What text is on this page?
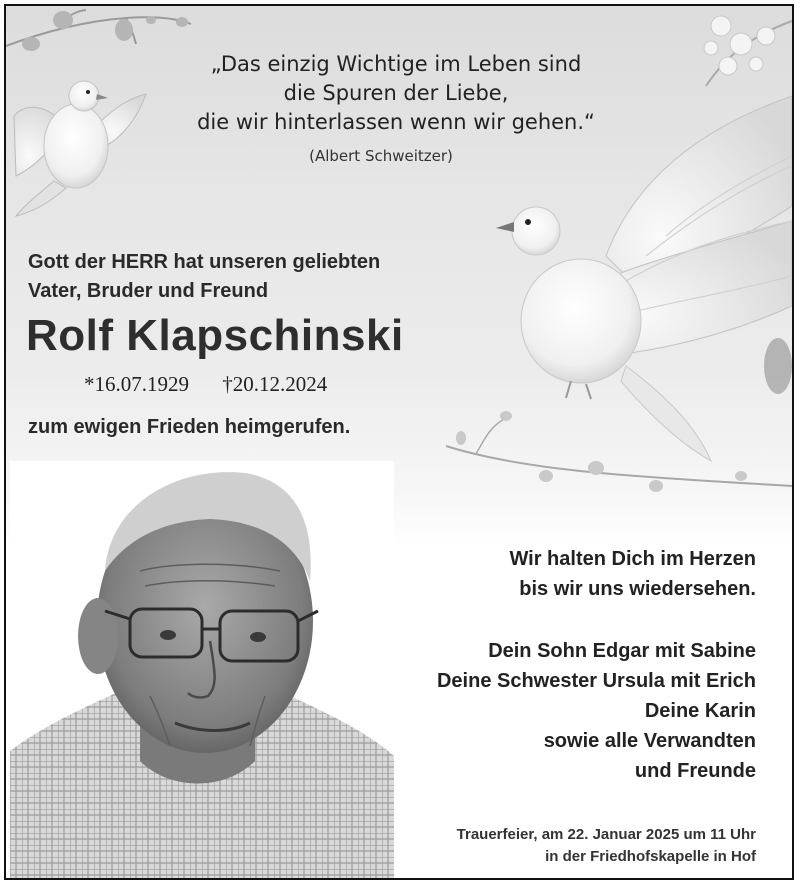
„Das einzig Wichtige im Leben sind
die Spuren der Liebe,
die wir hinterlassen wenn wir gehen.“
(Albert Schweitzer)
Gott der HERR hat unseren geliebten
Vater, Bruder und Freund
Rolf Klapschinski
*16.07.1929 †20.12.2024
zum ewigen Frieden heimgerufen.
Wir halten Dich im Herzen
bis wir uns wiedersehen.
Dein Sohn Edgar mit Sabine
Deine Schwester Ursula mit Erich
Deine Karin
sowie alle Verwandten
und Freunde
Trauerfeier, am 22. Januar 2025 um 11 Uhr
in der Friedhofskapelle in Hof
